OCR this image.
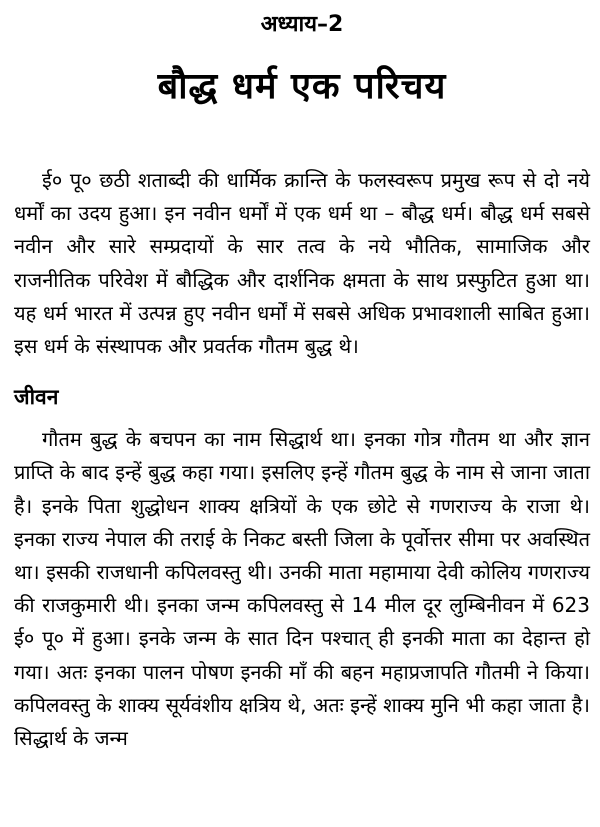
अध्याय–2
बौद्ध धर्म एक परिचय

ई० पू० छठी शताब्दी की धार्मिक क्रान्ति के फलस्वरूप प्रमुख रूप से दो नये धर्मों का उदय हुआ। इन नवीन धर्मों में एक धर्म था – बौद्ध धर्म। बौद्ध धर्म सबसे नवीन और सारे सम्प्रदायों के सार तत्व के नये भौतिक, सामाजिक और राजनीतिक परिवेश में बौद्धिक और दार्शनिक क्षमता के साथ प्रस्फुटित हुआ था। यह धर्म भारत में उत्पन्न हुए नवीन धर्मों में सबसे अधिक प्रभावशाली साबित हुआ। इस धर्म के संस्थापक और प्रवर्तक गौतम बुद्ध थे।

जीवन

गौतम बुद्ध के बचपन का नाम सिद्धार्थ था। इनका गोत्र गौतम था और ज्ञान प्राप्ति के बाद इन्हें बुद्ध कहा गया। इसलिए इन्हें गौतम बुद्ध के नाम से जाना जाता है। इनके पिता शुद्धोधन शाक्य क्षत्रियों के एक छोटे से गणराज्य के राजा थे। इनका राज्य नेपाल की तराई के निकट बस्ती जिला के पूर्वोत्तर सीमा पर अवस्थित था। इसकी राजधानी कपिलवस्तु थी। उनकी माता महामाया देवी कोलिय गणराज्य की राजकुमारी थी। इनका जन्म कपिलवस्तु से 14 मील दूर लुम्बिनीवन में 623 ई० पू० में हुआ। इनके जन्म के सात दिन पश्चात् ही इनकी माता का देहान्त हो गया। अतः इनका पालन पोषण इनकी माँ की बहन महाप्रजापति गौतमी ने किया। कपिलवस्तु के शाक्य सूर्यवंशीय क्षत्रिय थे, अतः इन्हें शाक्य मुनि भी कहा जाता है। सिद्धार्थ के जन्म
